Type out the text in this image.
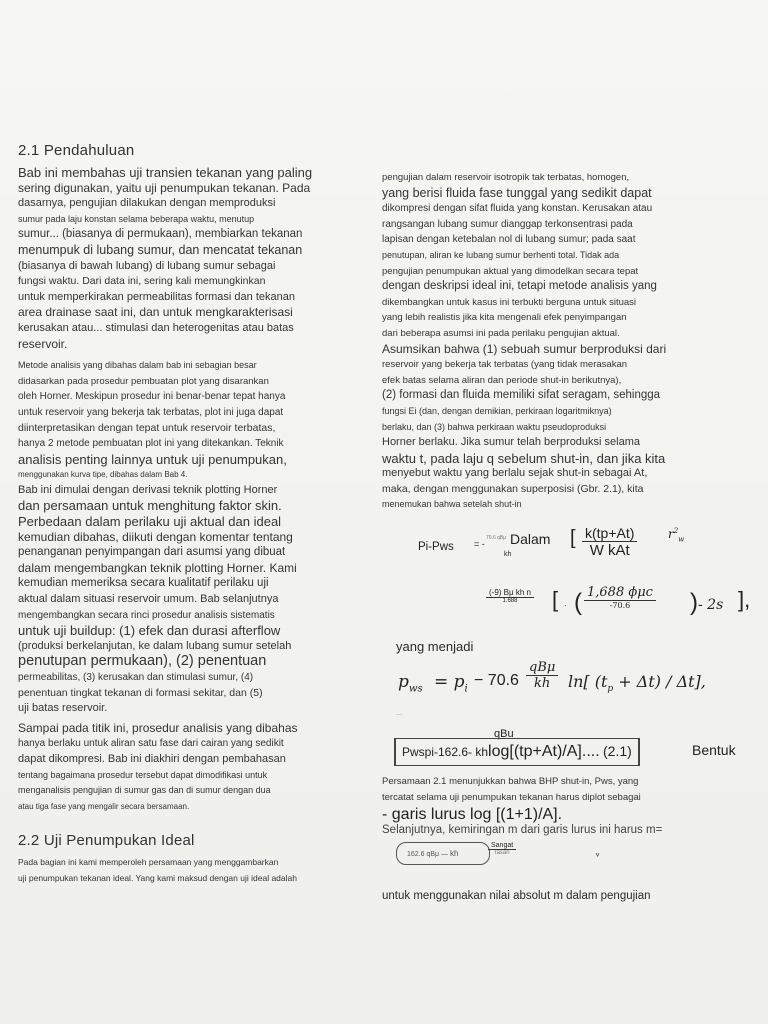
2.1 Pendahuluan
Bab ini membahas uji transien tekanan yang paling
sering digunakan, yaitu uji penumpukan tekanan. Pada
dasarnya, pengujian dilakukan dengan memproduksi
sumur pada laju konstan selama beberapa waktu, menutup
sumur... (biasanya di permukaan), membiarkan tekanan
menumpuk di lubang sumur, dan mencatat tekanan
(biasanya di bawah lubang) di lubang sumur sebagai
fungsi waktu. Dari data ini, sering kali memungkinkan
untuk memperkirakan permeabilitas formasi dan tekanan
area drainase saat ini, dan untuk mengkarakterisasi
kerusakan atau... stimulasi dan heterogenitas atau batas
reservoir.
Metode analisis yang dibahas dalam bab ini sebagian besar
didasarkan pada prosedur pembuatan plot yang disarankan
oleh Horner. Meskipun prosedur ini benar-benar tepat hanya
untuk reservoir yang bekerja tak terbatas, plot ini juga dapat
diinterpretasikan dengan tepat untuk reservoir terbatas,
hanya 2 metode pembuatan plot ini yang ditekankan. Teknik
analisis penting lainnya untuk uji penumpukan,
menggunakan kurva tipe, dibahas dalam Bab 4.
Bab ini dimulai dengan derivasi teknik plotting Horner
dan persamaan untuk menghitung faktor skin.
Perbedaan dalam perilaku uji aktual dan ideal
kemudian dibahas, diikuti dengan komentar tentang
penanganan penyimpangan dari asumsi yang dibuat
dalam mengembangkan teknik plotting Horner. Kami
kemudian memeriksa secara kualitatif perilaku uji
aktual dalam situasi reservoir umum. Bab selanjutnya
mengembangkan secara rinci prosedur analisis sistematis
untuk uji buildup: (1) efek dan durasi afterflow
(produksi berkelanjutan, ke dalam lubang sumur setelah
penutupan permukaan), (2) penentuan
permeabilitas, (3) kerusakan dan stimulasi sumur, (4)
penentuan tingkat tekanan di formasi sekitar, dan (5)
uji batas reservoir.
Sampai pada titik ini, prosedur analisis yang dibahas
hanya berlaku untuk aliran satu fase dari cairan yang sedikit
dapat dikompresi. Bab ini diakhiri dengan pembahasan
tentang bagaimana prosedur tersebut dapat dimodifikasi untuk
menganalisis pengujian di sumur gas dan di sumur dengan dua
atau tiga fase yang mengalir secara bersamaan.
2.2 Uji Penumpukan Ideal
Pada bagian ini kami memperoleh persamaan yang menggambarkan
uji penumpukan tekanan ideal. Yang kami maksud dengan uji ideal adalah
pengujian dalam reservoir isotropik tak terbatas, homogen,
yang berisi fluida fase tunggal yang sedikit dapat
dikompresi dengan sifat fluida yang konstan. Kerusakan atau
rangsangan lubang sumur dianggap terkonsentrasi pada
lapisan dengan ketebalan nol di lubang sumur; pada saat
penutupan, aliran ke lubang sumur berhenti total. Tidak ada
pengujian penumpukan aktual yang dimodelkan secara tepat
dengan deskripsi ideal ini, tetapi metode analisis yang
dikembangkan untuk kasus ini terbukti berguna untuk situasi
yang lebih realistis jika kita mengenali efek penyimpangan
dari beberapa asumsi ini pada perilaku pengujian aktual.
Asumsikan bahwa (1) sebuah sumur berproduksi dari
reservoir yang bekerja tak terbatas (yang tidak merasakan
efek batas selama aliran dan periode shut-in berikutnya),
(2) formasi dan fluida memiliki sifat seragam, sehingga
fungsi Ei (dan, dengan demikian, perkiraan logaritmiknya)
berlaku, dan (3) bahwa perkiraan waktu pseudoproduksi
Horner berlaku. Jika sumur telah berproduksi selama
waktu t, pada laju q sebelum shut-in, dan jika kita
menyebut waktu yang berlalu sejak shut-in sebagai At,
maka, dengan menggunakan superposisi (Gbr. 2.1), kita
menemukan bahwa setelah shut-in
Pi-Pws = -
70.6 qBμ Dalam
kh
[ $\frac{k(tp+At)}{\text{W kAt}}$	$r^2_w$
$\frac{\text{(-9) Bμ kh n}}{1.688}$ [ · ( $\frac{\text{1,688 ϕμc}}{-70.6}$ ) - 2s ],
yang menjadi
$p_{ws} = p_i - 70.6 \frac{\text{qBμ}}{kh} \ln$[ $(t_p + \Delta t) / \Delta t$],
—
qBu
Pwspi-162.6- khlog[(tp+At)/A].... (2.1)	Bentuk
Persamaan 2.1 menunjukkan bahwa BHP shut-in, Pws, yang
tercatat selama uji penumpukan tekanan harus diplot sebagai
- garis lurus log [(1+1)/A].
Selanjutnya, kemiringan m dari garis lurus ini harus m=
162.6 qBμ — kh	$\frac{\text{Sangat}}{\text{rasan}}$	ᵥ
untuk menggunakan nilai absolut m dalam pengujian
